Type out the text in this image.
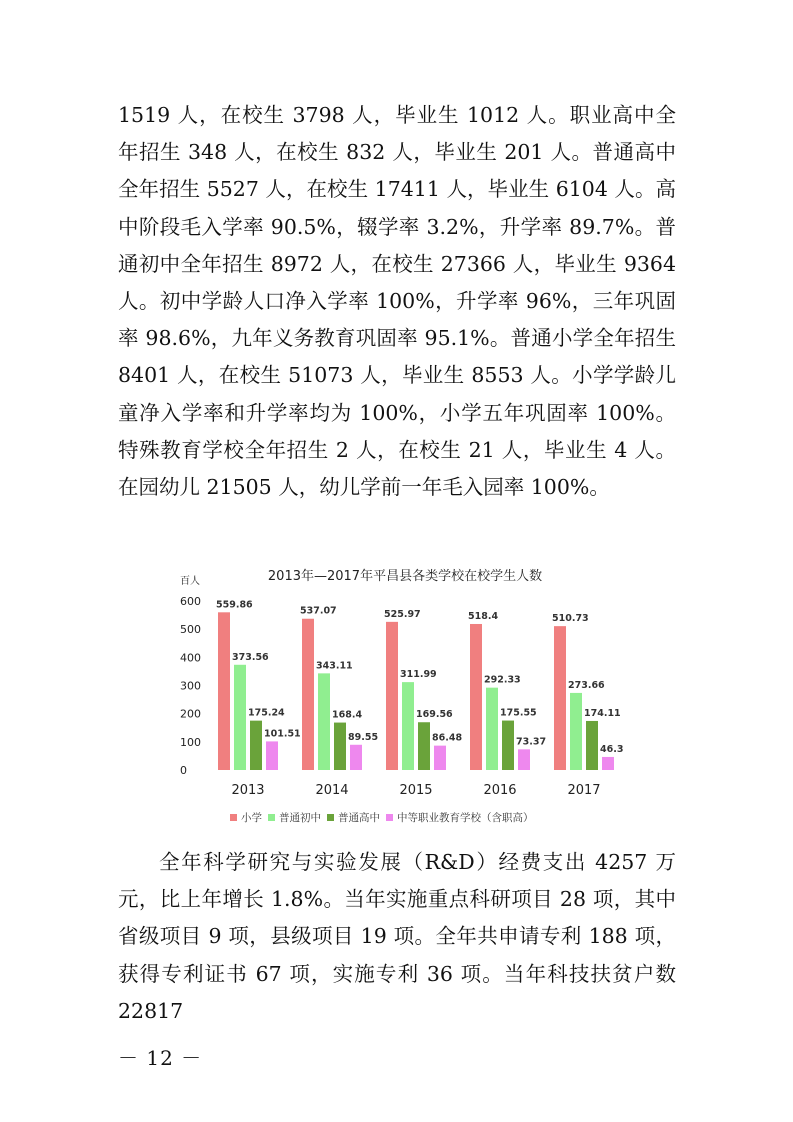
1519 人，在校生 3798 人，毕业生 1012 人。职业高中全年招生 348 人，在校生 832 人，毕业生 201 人。普通高中全年招生 5527 人，在校生 17411 人，毕业生 6104 人。高中阶段毛入学率 90.5%，辍学率 3.2%，升学率 89.7%。普通初中全年招生 8972 人，在校生 27366 人，毕业生 9364 人。初中学龄人口净入学率 100%，升学率 96%，三年巩固率 98.6%，九年义务教育巩固率 95.1%。普通小学全年招生 8401 人，在校生 51073 人，毕业生 8553 人。小学学龄儿童净入学率和升学率均为 100%，小学五年巩固率 100%。特殊教育学校全年招生 2 人，在校生 21 人，毕业生 4 人。在园幼儿 21505 人，幼儿学前一年毛入园率 100%。

2013年—2017年平昌县各类学校在校学生人数
百人
0
100
200
300
400
500
600 559.86
373.56
175.24
101.51
537.07
343.11
168.4
89.55
525.97
311.99
169.56
86.48
518.4
292.33
175.55
73.37
510.73
273.66
174.11
46.3
2013	2014	2015	2016	2017
小学 普通初中 普通高中 中等职业教育学校（含职高）

全年科学研究与实验发展（R&D）经费支出 4257 万元，比上年增长 1.8%。当年实施重点科研项目 28 项，其中省级项目 9 项，县级项目 19 项。全年共申请专利 188 项，获得专利证书 67 项，实施专利 36 项。当年科技扶贫户数 22817

－ 12 －
